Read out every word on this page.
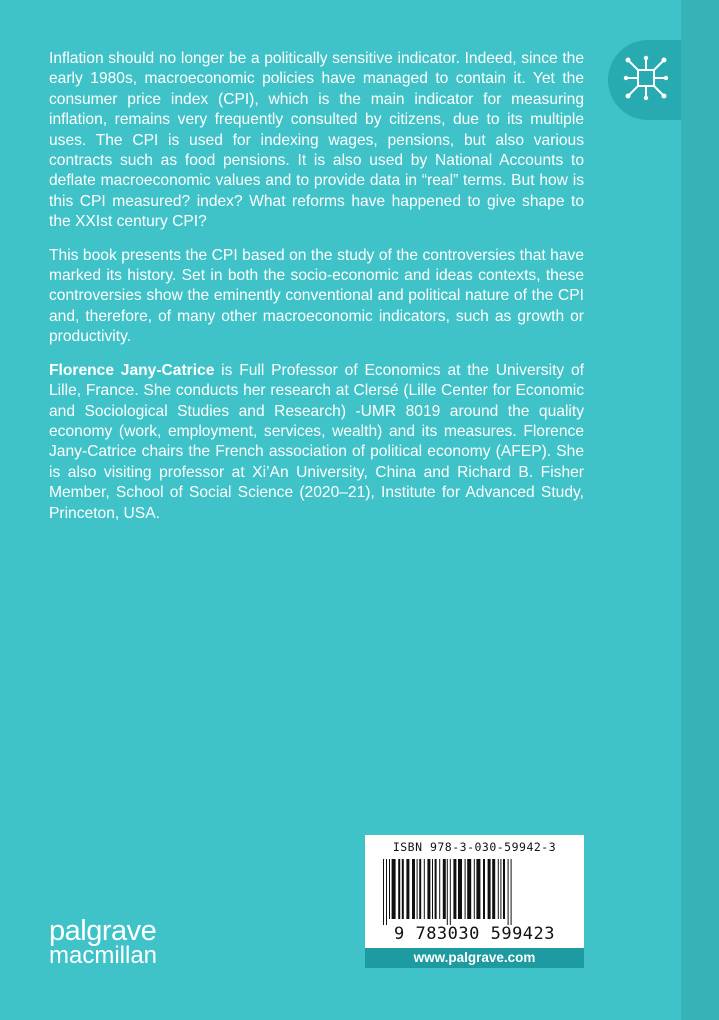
Inflation should no longer be a politically sensitive indicator. Indeed, since the early 1980s, macroeconomic policies have managed to contain it. Yet the consumer price index (CPI), which is the main indicator for measuring inflation, remains very frequently consulted by citizens, due to its multiple uses. The CPI is used for indexing wages, pensions, but also various contracts such as food pensions. It is also used by National Accounts to deflate macroeconomic values and to provide data in “real” terms. But how is this CPI measured? index? What reforms have happened to give shape to the XXIst century CPI?

This book presents the CPI based on the study of the controversies that have marked its history. Set in both the socio-economic and ideas contexts, these controversies show the eminently conventional and political nature of the CPI and, therefore, of many other macroeconomic indicators, such as growth or productivity.

Florence Jany-Catrice is Full Professor of Economics at the University of Lille, France. She conducts her research at Clersé (Lille Center for Economic and Sociological Studies and Research) -UMR 8019 around the quality economy (work, employment, services, wealth) and its measures. Florence Jany-Catrice chairs the French association of political economy (AFEP). She is also visiting professor at Xi’An University, China and Richard B. Fisher Member, School of Social Science (2020–21), Institute for Advanced Study, Princeton, USA.

ISBN 978-3-030-59942-3
9 783030 599423
www.palgrave.com
palgrave
macmillan
